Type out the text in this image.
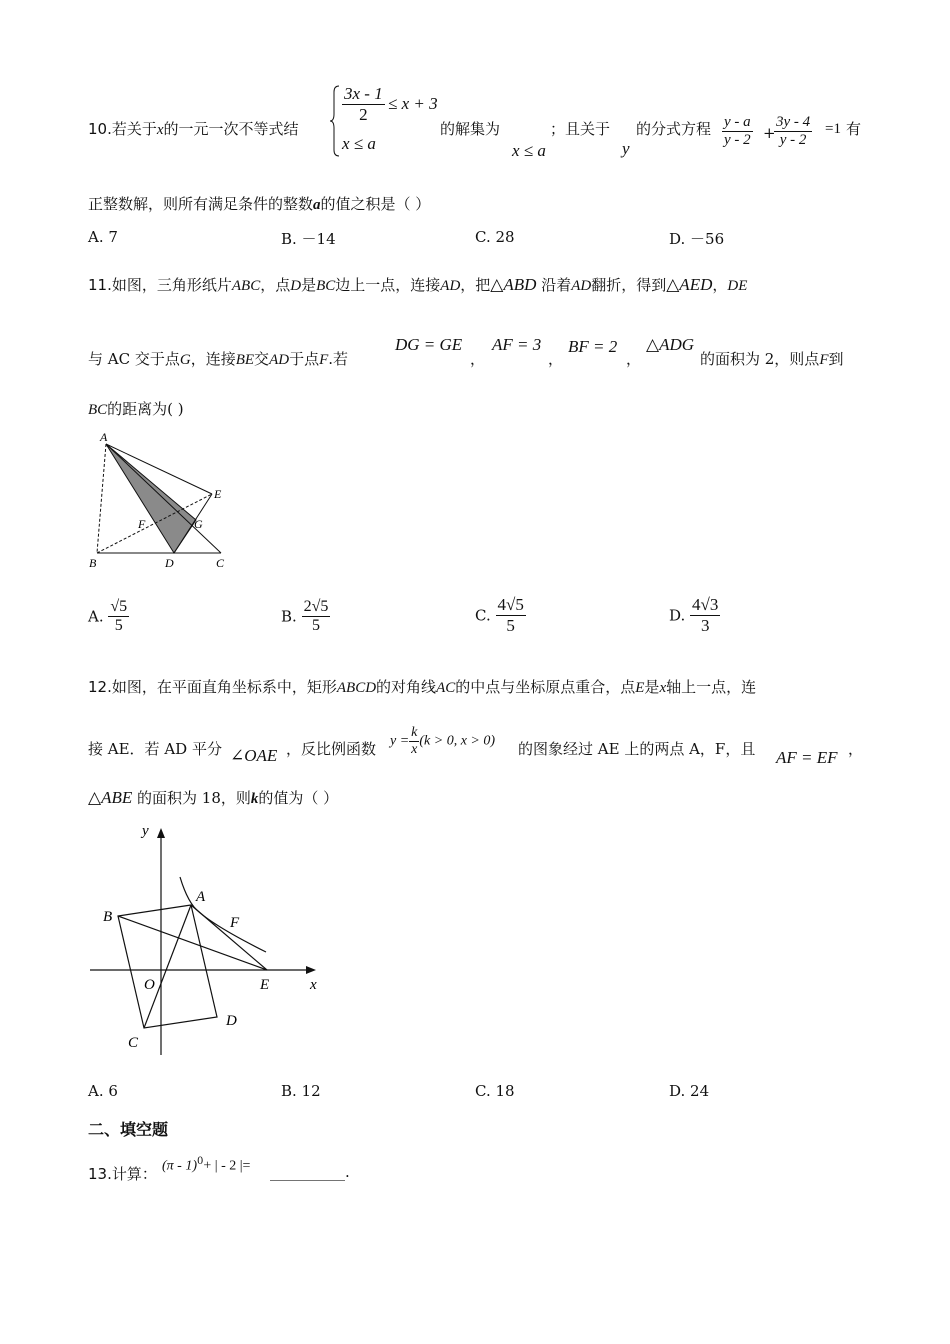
10.若关于x的一元一次不等式结
$\frac{3x - 1}{2} \le x + 3$
x ≤ a
的解集为
x ≤ a
；且关于
y
的分式方程 $\frac{y - a}{y - 2}$ +
$\frac{3y - 4}{y - 2} =1$ 有
正整数解，则所有满足条件的整数a的值之积是（ ）
A. 7	B. －14	C. 28	D. －56
11.如图，三角形纸片ABC，点D是BC边上一点，连接AD，把△ABD 沿着AD翻折，得到△AED，DE
与 AC 交于点G，连接BE交AD于点F.若
DG = GE
，
AF = 3
，
BF = 2
，
△ADG
的面积为 2，则点F到
BC的距离为( )
A
E
F	G
B	D	C
A. $\frac{√5}{5}$	B. $\frac{2√5}{5}$	C. $\frac{4√5}{5}$	D. $\frac{4√3}{3}$
12.如图，在平面直角坐标系中，矩形ABCD的对角线AC的中点与坐标原点重合，点E是x轴上一点，连
接 AE．若 AD 平分 ∠OAE ，反比例函数 $y = \frac{k}{x} (k > 0$, x > 0) 的图象经过 AE 上的两点 A，F，且 AF = EF ，
△ABE 的面积为 18，则k的值为（ ）
y
A
B	F
O	E	x
D
C
A. 6	B. 12	C. 18	D. 24
二、填空题
13.计算： (π - 1)$^0$+ | - 2 |= __________.
